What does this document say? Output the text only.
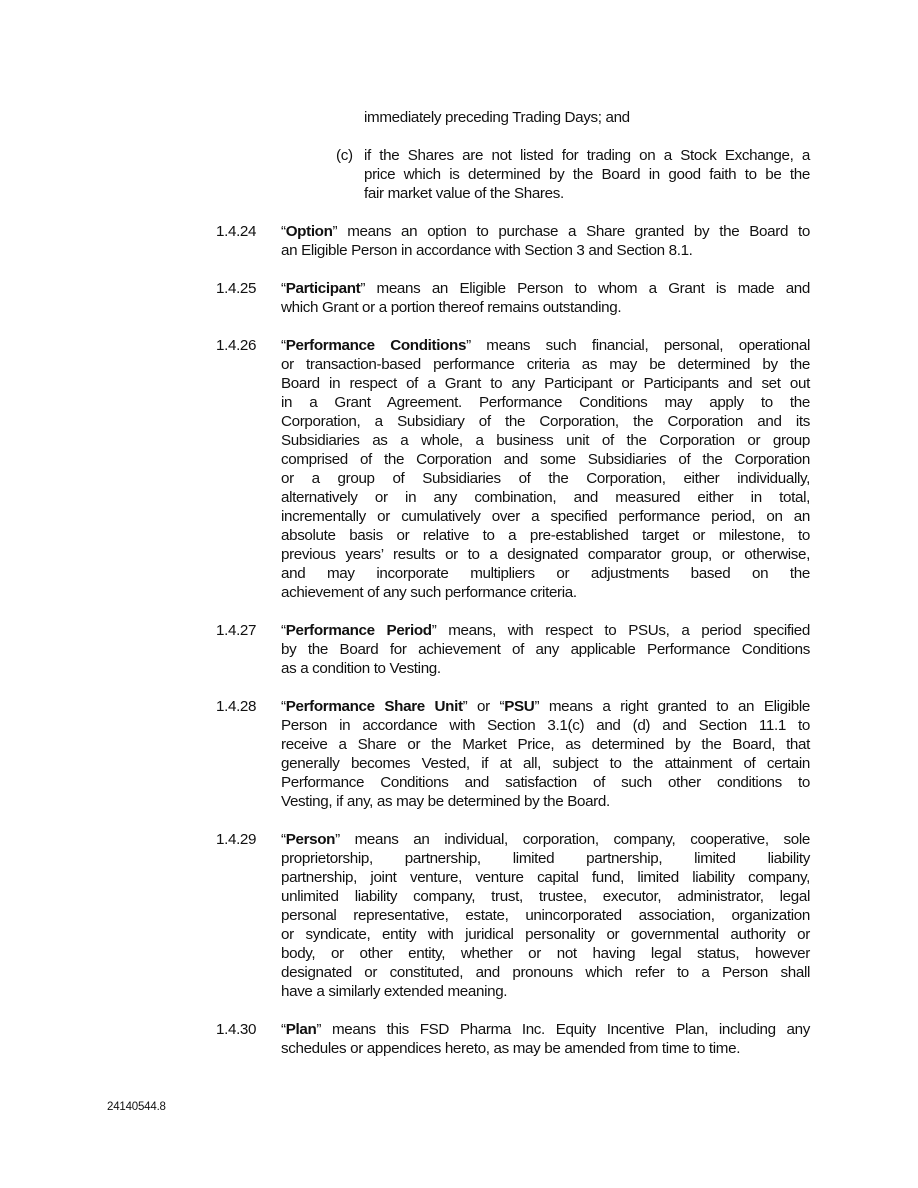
immediately preceding Trading Days; and
(c) if the Shares are not listed for trading on a Stock Exchange, a
price which is determined by the Board in good faith to be the
fair market value of the Shares.
1.4.24 “Option” means an option to purchase a Share granted by the Board to
an Eligible Person in accordance with Section 3 and Section 8.1.
1.4.25 “Participant” means an Eligible Person to whom a Grant is made and
which Grant or a portion thereof remains outstanding.
1.4.26 “Performance Conditions” means such financial, personal, operational
or transaction-based performance criteria as may be determined by the
Board in respect of a Grant to any Participant or Participants and set out
in a Grant Agreement. Performance Conditions may apply to the
Corporation, a Subsidiary of the Corporation, the Corporation and its
Subsidiaries as a whole, a business unit of the Corporation or group
comprised of the Corporation and some Subsidiaries of the Corporation
or a group of Subsidiaries of the Corporation, either individually,
alternatively or in any combination, and measured either in total,
incrementally or cumulatively over a specified performance period, on an
absolute basis or relative to a pre-established target or milestone, to
previous years’ results or to a designated comparator group, or otherwise,
and may incorporate multipliers or adjustments based on the
achievement of any such performance criteria.
1.4.27 “Performance Period” means, with respect to PSUs, a period specified
by the Board for achievement of any applicable Performance Conditions
as a condition to Vesting.
1.4.28 “Performance Share Unit” or “PSU” means a right granted to an Eligible
Person in accordance with Section 3.1(c) and (d) and Section 11.1 to
receive a Share or the Market Price, as determined by the Board, that
generally becomes Vested, if at all, subject to the attainment of certain
Performance Conditions and satisfaction of such other conditions to
Vesting, if any, as may be determined by the Board.
1.4.29 “Person” means an individual, corporation, company, cooperative, sole
proprietorship, partnership, limited partnership, limited liability
partnership, joint venture, venture capital fund, limited liability company,
unlimited liability company, trust, trustee, executor, administrator, legal
personal representative, estate, unincorporated association, organization
or syndicate, entity with juridical personality or governmental authority or
body, or other entity, whether or not having legal status, however
designated or constituted, and pronouns which refer to a Person shall
have a similarly extended meaning.
1.4.30 “Plan” means this FSD Pharma Inc. Equity Incentive Plan, including any
schedules or appendices hereto, as may be amended from time to time.
24140544.8
